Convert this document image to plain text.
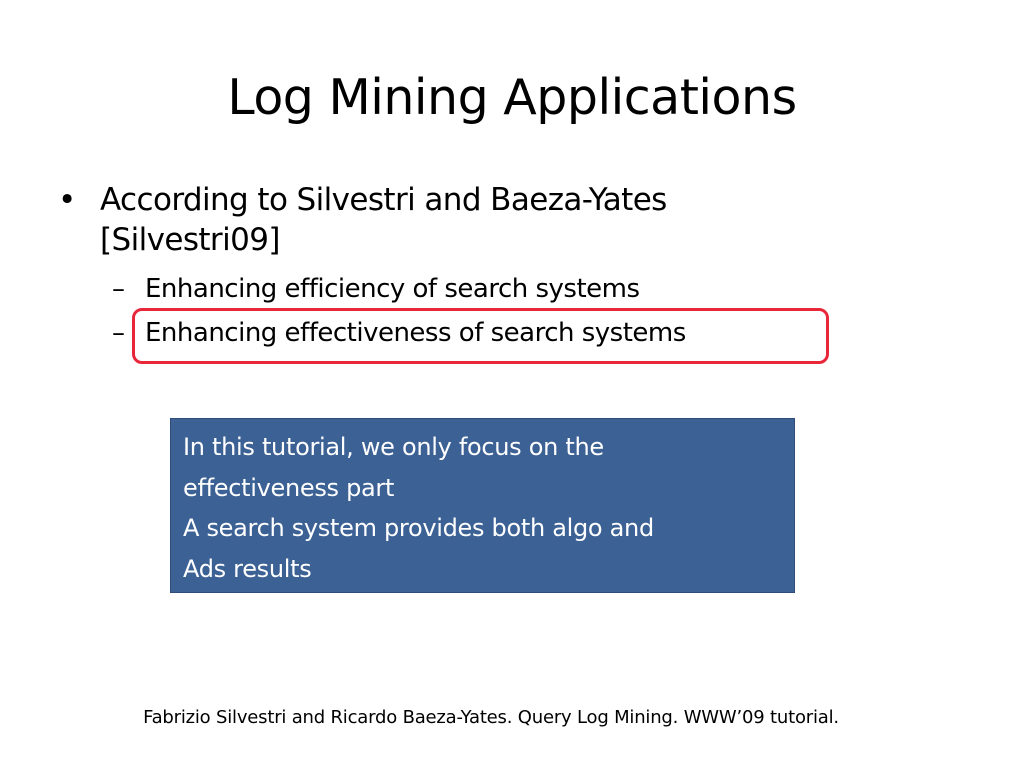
Log Mining Applications
• According to Silvestri and Baeza-Yates [Silvestri09]
– Enhancing efficiency of search systems
– Enhancing effectiveness of search systems
In this tutorial, we only focus on the
effectiveness part
A search system provides both algo and
Ads results
Fabrizio Silvestri and Ricardo Baeza-Yates. Query Log Mining. WWW’09 tutorial.
